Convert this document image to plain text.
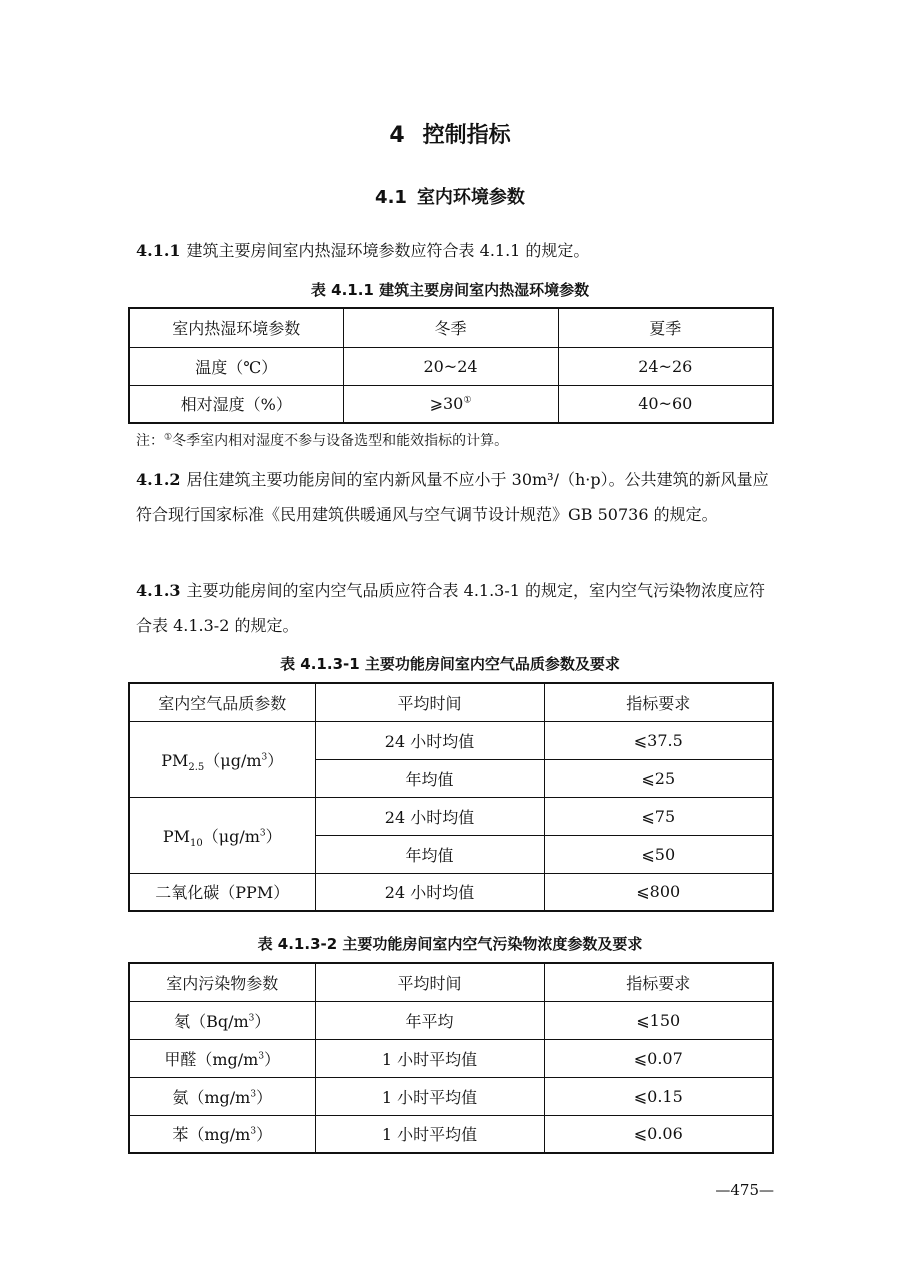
4 控制指标
4.1 室内环境参数
4.1.1 建筑主要房间室内热湿环境参数应符合表 4.1.1 的规定。
表 4.1.1 建筑主要房间室内热湿环境参数
室内热湿环境参数	冬季	夏季
温度（℃）	20~24	24~26
相对湿度（%）	⩾30①	40~60
注：①冬季室内相对湿度不参与设备选型和能效指标的计算。
4.1.2 居住建筑主要功能房间的室内新风量不应小于 30m³/（h·p）。公共建筑的新风量应符合现行国家标准《民用建筑供暖通风与空气调节设计规范》GB 50736 的规定。
4.1.3 主要功能房间的室内空气品质应符合表 4.1.3-1 的规定，室内空气污染物浓度应符合表 4.1.3-2 的规定。
表 4.1.3-1 主要功能房间室内空气品质参数及要求
室内空气品质参数	平均时间	指标要求
$PM_{2.5}(\mu g/m^3)$	24 小时均值	⩽37.5
	年均值	⩽25
$PM_{10}(\mu g/m^3)$	24 小时均值	⩽75
	年均值	⩽50
二氧化碳（PPM）	24 小时均值	⩽800
表 4.1.3-2 主要功能房间室内空气污染物浓度参数及要求
室内污染物参数	平均时间	指标要求
氡$(Bq/m^3)$	年平均	⩽150
甲醛$(mg/m^3)$	1 小时平均值	⩽0.07
氨$(mg/m^3)$	1 小时平均值	⩽0.15
苯$(mg/m^3)$	1 小时平均值	⩽0.06
—475—
